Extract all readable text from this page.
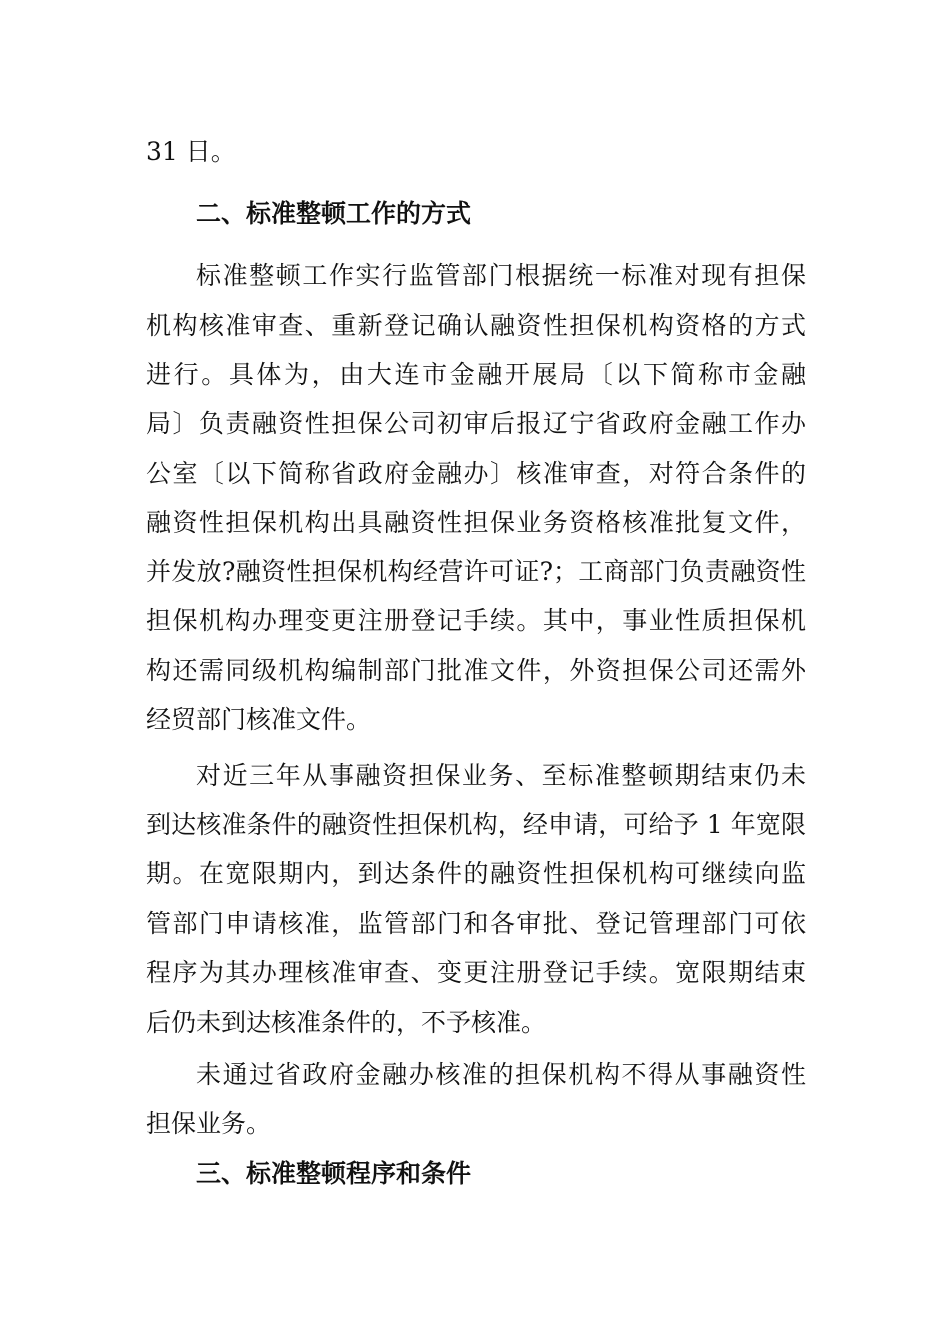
31 日。
二、标准整顿工作的方式
标准整顿工作实行监管部门根据统一标准对现有担保
机构核准审查、重新登记确认融资性担保机构资格的方式
进行。具体为，由大连市金融开展局〔以下简称市金融
局〕负责融资性担保公司初审后报辽宁省政府金融工作办
公室〔以下简称省政府金融办〕核准审查，对符合条件的
融资性担保机构出具融资性担保业务资格核准批复文件，
并发放?融资性担保机构经营许可证?；工商部门负责融资性
担保机构办理变更注册登记手续。其中，事业性质担保机
构还需同级机构编制部门批准文件，外资担保公司还需外
经贸部门核准文件。
对近三年从事融资担保业务、至标准整顿期结束仍未
到达核准条件的融资性担保机构，经申请，可给予 1 年宽限
期。在宽限期内，到达条件的融资性担保机构可继续向监
管部门申请核准，监管部门和各审批、登记管理部门可依
程序为其办理核准审查、变更注册登记手续。宽限期结束
后仍未到达核准条件的，不予核准。
未通过省政府金融办核准的担保机构不得从事融资性
担保业务。
三、标准整顿程序和条件
